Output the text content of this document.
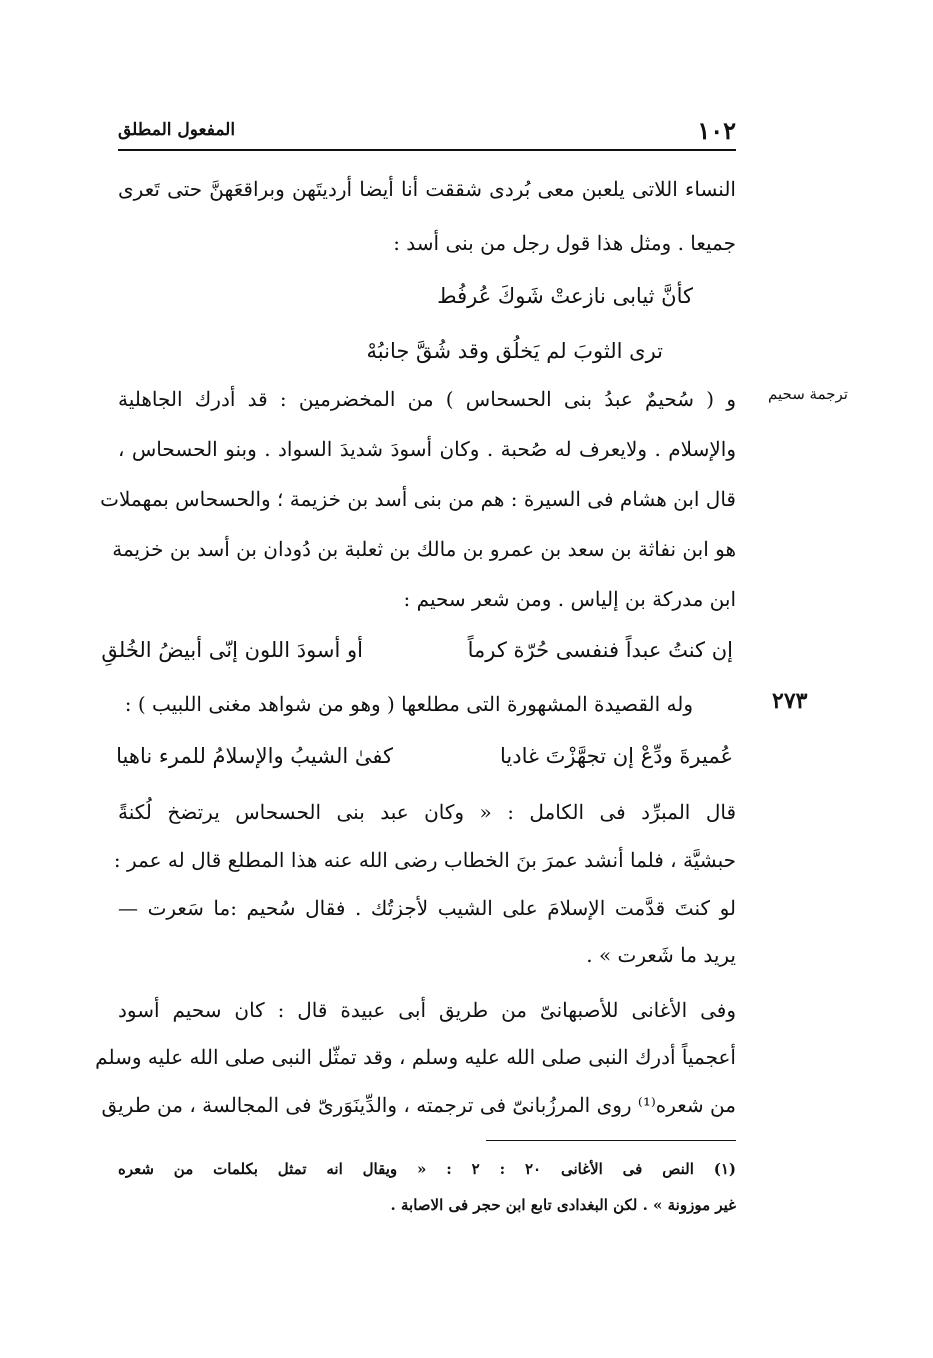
١٠٢
المفعول المطلق
النساء اللاتى يلعبن معى بُردى شققت أنا أيضا أرديتَهن وبراقعَهنَّ حتى تَعرى
جميعا . ومثل هذا قول رجل من بنى أسد :
كأنَّ ثيابى نازعتْ شَوكَ عُرفُط
ترى الثوبَ لم يَخلُق وقد شُقَّ جانبُهْ
ترجمة سحيم
و ( سُحيمٌ عبدُ بنى الحسحاس ) من المخضرمين : قد أدرك الجاهلية
والإسلام . ولايعرف له صُحبة . وكان أسودَ شديدَ السواد . وبنو الحسحاس ،
قال ابن هشام فى السيرة : هم من بنى أسد بن خزيمة ؛ والحسحاس بمهملات
هو ابن نفاثة بن سعد بن عمرو بن مالك بن ثعلبة بن دُودان بن أسد بن خزيمة
ابن مدركة بن إلياس . ومن شعر سحيم :
إن كنتُ عبداً فنفسى حُرّة كرماً
أو أسودَ اللون إنّى أبيضُ الخُلقِ
٢٧٣
وله القصيدة المشهورة التى مطلعها ( وهو من شواهد مغنى اللبيب ) :
عُميرةَ ودِّعْ إن تجهَّزْتَ غاديا
كفىٰ الشيبُ والإسلامُ للمرء ناهيا
قال المبرِّد فى الكامل : « وكان عبد بنى الحسحاس يرتضخ لُكنةً
حبشيَّة ، فلما أنشد عمرَ بنَ الخطاب رضى الله عنه هذا المطلع قال له عمر :
لو كنتَ قدَّمت الإسلامَ على الشيب لأجزتُك . فقال سُحيم :ما سَعرت —
يريد ما شَعرت » .
وفى الأغانى للأصبهانىّ من طريق أبى عبيدة قال : كان سحيم أسود
أعجمياً أدرك النبى صلى الله عليه وسلم ، وقد تمثّل النبى صلى الله عليه وسلم
من شعره⁽¹⁾ روى المرزُبانىّ فى ترجمته ، والدِّينَوَرىّ فى المجالسة ، من طريق
(١) النص فى الأغانى ٢٠ : ٢ : « ويقال انه تمثل بكلمات من شعره
غير موزونة » . لكن البغدادى تابع ابن حجر فى الاصابة .
